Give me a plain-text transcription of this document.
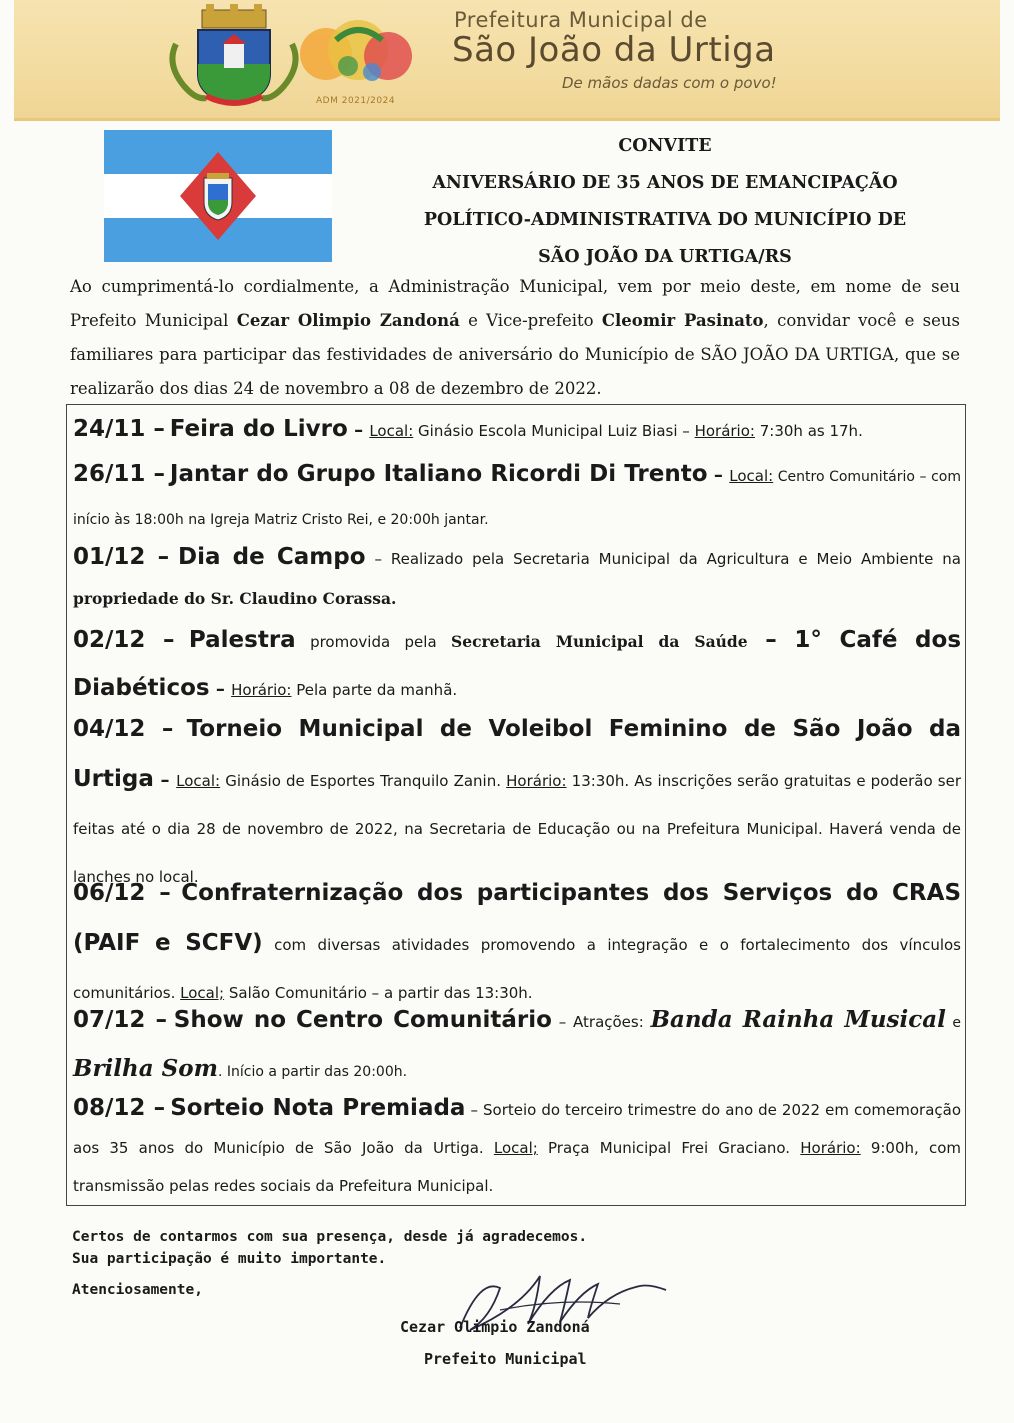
ADM 2021/2024
Prefeitura Municipal de
São João da Urtiga
De mãos dadas com o povo!
CONVITE
ANIVERSÁRIO DE 35 ANOS DE EMANCIPAÇÃO
POLÍTICO-ADMINISTRATIVA DO MUNICÍPIO DE
SÃO JOÃO DA URTIGA/RS
Ao cumprimentá-lo cordialmente, a Administração Municipal, vem por meio deste, em nome de seu Prefeito Municipal Cezar Olimpio Zandoná e Vice-prefeito Cleomir Pasinato, convidar você e seus familiares para participar das festividades de aniversário do Município de SÃO JOÃO DA URTIGA, que se realizarão dos dias 24 de novembro a 08 de dezembro de 2022.
24/11 – Feira do Livro – Local: Ginásio Escola Municipal Luiz Biasi – Horário: 7:30h as 17h.
26/11 – Jantar do Grupo Italiano Ricordi Di Trento – Local: Centro Comunitário – com início às 18:00h na Igreja Matriz Cristo Rei, e 20:00h jantar.
01/12 – Dia de Campo – Realizado pela Secretaria Municipal da Agricultura e Meio Ambiente na propriedade do Sr. Claudino Corassa.
02/12 – Palestra promovida pela Secretaria Municipal da Saúde – 1° Café dos Diabéticos – Horário: Pela parte da manhã.
04/12 – Torneio Municipal de Voleibol Feminino de São João da Urtiga – Local: Ginásio de Esportes Tranquilo Zanin. Horário: 13:30h. As inscrições serão gratuitas e poderão ser feitas até o dia 28 de novembro de 2022, na Secretaria de Educação ou na Prefeitura Municipal. Haverá venda de lanches no local.
06/12 – Confraternização dos participantes dos Serviços do CRAS (PAIF e SCFV) com diversas atividades promovendo a integração e o fortalecimento dos vínculos comunitários. Local; Salão Comunitário – a partir das 13:30h.
07/12 – Show no Centro Comunitário – Atrações: Banda Rainha Musical e Brilha Som. Início a partir das 20:00h.
08/12 – Sorteio Nota Premiada – Sorteio do terceiro trimestre do ano de 2022 em comemoração aos 35 anos do Município de São João da Urtiga. Local; Praça Municipal Frei Graciano. Horário: 9:00h, com transmissão pelas redes sociais da Prefeitura Municipal.
Certos de contarmos com sua presença, desde já agradecemos.
Sua participação é muito importante.
Atenciosamente,
Cezar Olimpio Zandoná
Prefeito Municipal
